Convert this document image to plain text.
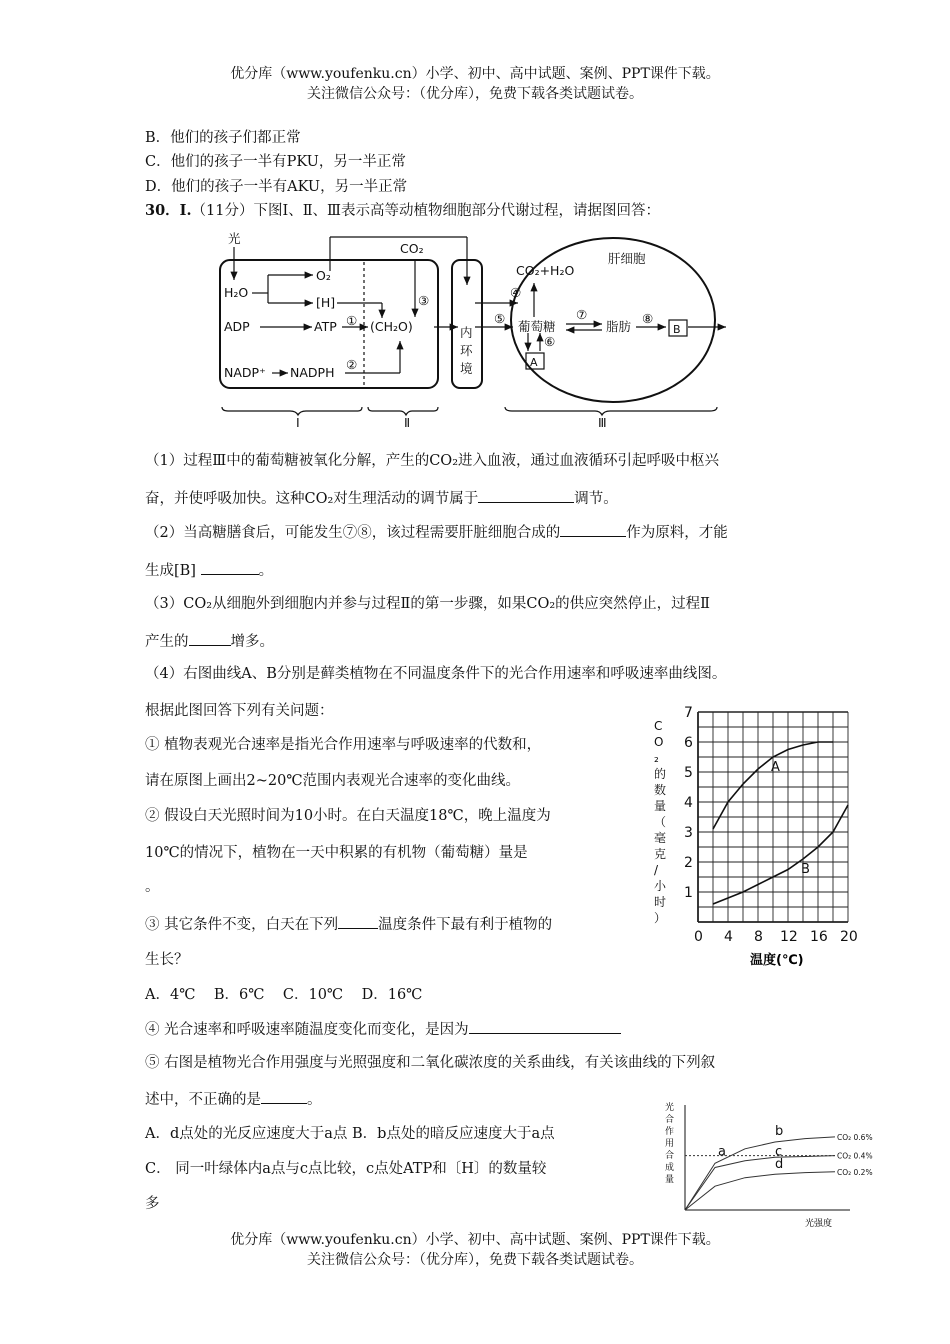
优分库（www.youfenku.cn）小学、初中、高中试题、案例、PPT课件下载。
关注微信公众号：（优分库），免费下载各类试题试卷。
B．他们的孩子们都正常
C．他们的孩子一半有PKU，另一半正常
D．他们的孩子一半有AKU，另一半正常
30．Ⅰ.（11分）下图Ⅰ、Ⅱ、Ⅲ表示高等动植物细胞部分代谢过程，请据图回答：
光
CO₂
肝细胞
CO₂+H₂O
H₂O
O₂
[H]
ADP	ATP	(CH₂O)
NADP⁺ NADPH
内
环
境
葡萄糖	脂肪
A
B
①
②
③
④
⑤
⑥
⑦	⑧
Ⅰ	Ⅱ	Ⅲ
（1）过程Ⅲ中的葡萄糖被氧化分解，产生的CO₂进入血液，通过血液循环引起呼吸中枢兴
奋，并使呼吸加快。这种CO₂对生理活动的调节属于	调节。
（2）当高糖膳食后，可能发生⑦⑧，该过程需要肝脏细胞合成的	作为原料，才能
生成[B]	。
（3）CO₂从细胞外到细胞内并参与过程Ⅱ的第一步骤，如果CO₂的供应突然停止，过程Ⅱ
产生的	增多。
（4）右图曲线A、B分别是藓类植物在不同温度条件下的光合作用速率和呼吸速率曲线图。
根据此图回答下列有关问题：
① 植物表观光合速率是指光合作用速率与呼吸速率的代数和，
请在原图上画出2~20℃范围内表观光合速率的变化曲线。
② 假设白天光照时间为10小时。在白天温度18℃，晚上温度为
10℃的情况下，植物在一天中积累的有机物（葡萄糖）量是
。
③ 其它条件不变，白天在下列	温度条件下最有利于植物的
生长？
A．4℃    B．6℃    C．10℃    D．16℃
④ 光合速率和呼吸速率随温度变化而变化，是因为
⑤ 右图是植物光合作用强度与光照强度和二氧化碳浓度的关系曲线，有关该曲线的下列叙
述中，不正确的是	。
A．d点处的光反应速度大于a点 B．b点处的暗反应速度大于a点
C． 同一叶绿体内a点与c点比较，c点处ATP和〔H〕的数量较
多
A
B
1
2
3
4
5
6
7
0 4 8 12 16 20
C O ₂ 的数量（毫克/小时）
温度(℃)
CO₂ 0.6%
CO₂ 0.4%
CO₂ 0.2%
a
b
c
d
光合作用合成量
光强度
优分库（www.youfenku.cn）小学、初中、高中试题、案例、PPT课件下载。
关注微信公众号：（优分库），免费下载各类试题试卷。
